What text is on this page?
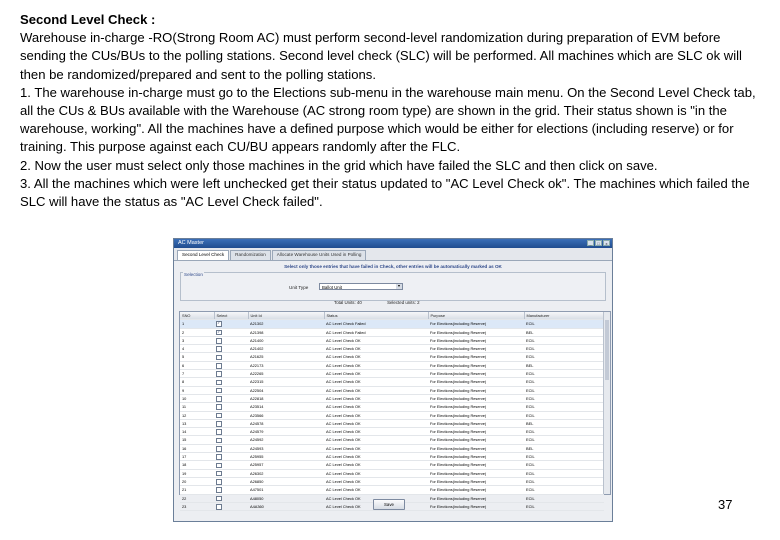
Second Level Check :

Warehouse in-charge -RO(Strong Room AC) must perform second-level randomization during preparation of EVM before sending the CUs/BUs to the polling stations. Second level check (SLC) will be performed. All machines which are SLC ok will then be randomized/prepared and sent to the polling stations.

1. The warehouse in-charge must go to the Elections sub-menu in the warehouse main menu. On the Second Level Check tab, all the CUs & BUs available with the Warehouse (AC strong room type) are shown in the grid. Their status shown is "in the warehouse, working". All the machines have a defined purpose which would be either for elections (including reserve) or for training. This purpose against each CU/BU appears randomly after the FLC.

2. Now the user must select only those machines in the grid which have failed the SLC and then click on save.

3. All the machines which were left unchecked get their status updated to "AC Level Check ok". The machines which failed the SLC will have the status as "AC Level Check failed".

AC Master	_	□	x
Second Level Check	Randomization	Allocate Warehouse Units Used in Polling
Select only those entries that have failed in Check, other entries will be automatically marked as OK
Selection
Unit Type	Ballot Unit	▼
Total Units: 40	Selected units: 2
SNO	Select	Unit Id	Status	Purpose	Manufacturer
1	✓	A21302	AC Level Check Failed	For Elections(including Reserve)	ECIL
2	✓	A21398	AC Level Check Failed	For Elections(including Reserve)	BEL
3		A21400	AC Level Check OK	For Elections(including Reserve)	ECIL
4		A21402	AC Level Check OK	For Elections(including Reserve)	ECIL
5		A21625	AC Level Check OK	For Elections(including Reserve)	ECIL
6		A22173	AC Level Check OK	For Elections(including Reserve)	BEL
7		A22265	AC Level Check OK	For Elections(including Reserve)	ECIL
8		A22315	AC Level Check OK	For Elections(including Reserve)	ECIL
9		A22504	AC Level Check OK	For Elections(including Reserve)	ECIL
10		A22818	AC Level Check OK	For Elections(including Reserve)	ECIL
11		A23514	AC Level Check OK	For Elections(including Reserve)	ECIL
12		A23566	AC Level Check OK	For Elections(including Reserve)	ECIL
13		A24578	AC Level Check OK	For Elections(including Reserve)	BEL
14		A24579	AC Level Check OK	For Elections(including Reserve)	ECIL
15		A24592	AC Level Check OK	For Elections(including Reserve)	ECIL
16		A24593	AC Level Check OK	For Elections(including Reserve)	BEL
17		A25955	AC Level Check OK	For Elections(including Reserve)	ECIL
18		A25957	AC Level Check OK	For Elections(including Reserve)	ECIL
19		A26302	AC Level Check OK	For Elections(including Reserve)	ECIL
20		A26850	AC Level Check OK	For Elections(including Reserve)	ECIL
21		A47501	AC Level Check OK	For Elections(including Reserve)	ECIL
22		A48050	AC Level Check OK	For Elections(including Reserve)	ECIL
23		A4A360	AC Level Check OK	For Elections(including Reserve)	ECIL
Save	37
